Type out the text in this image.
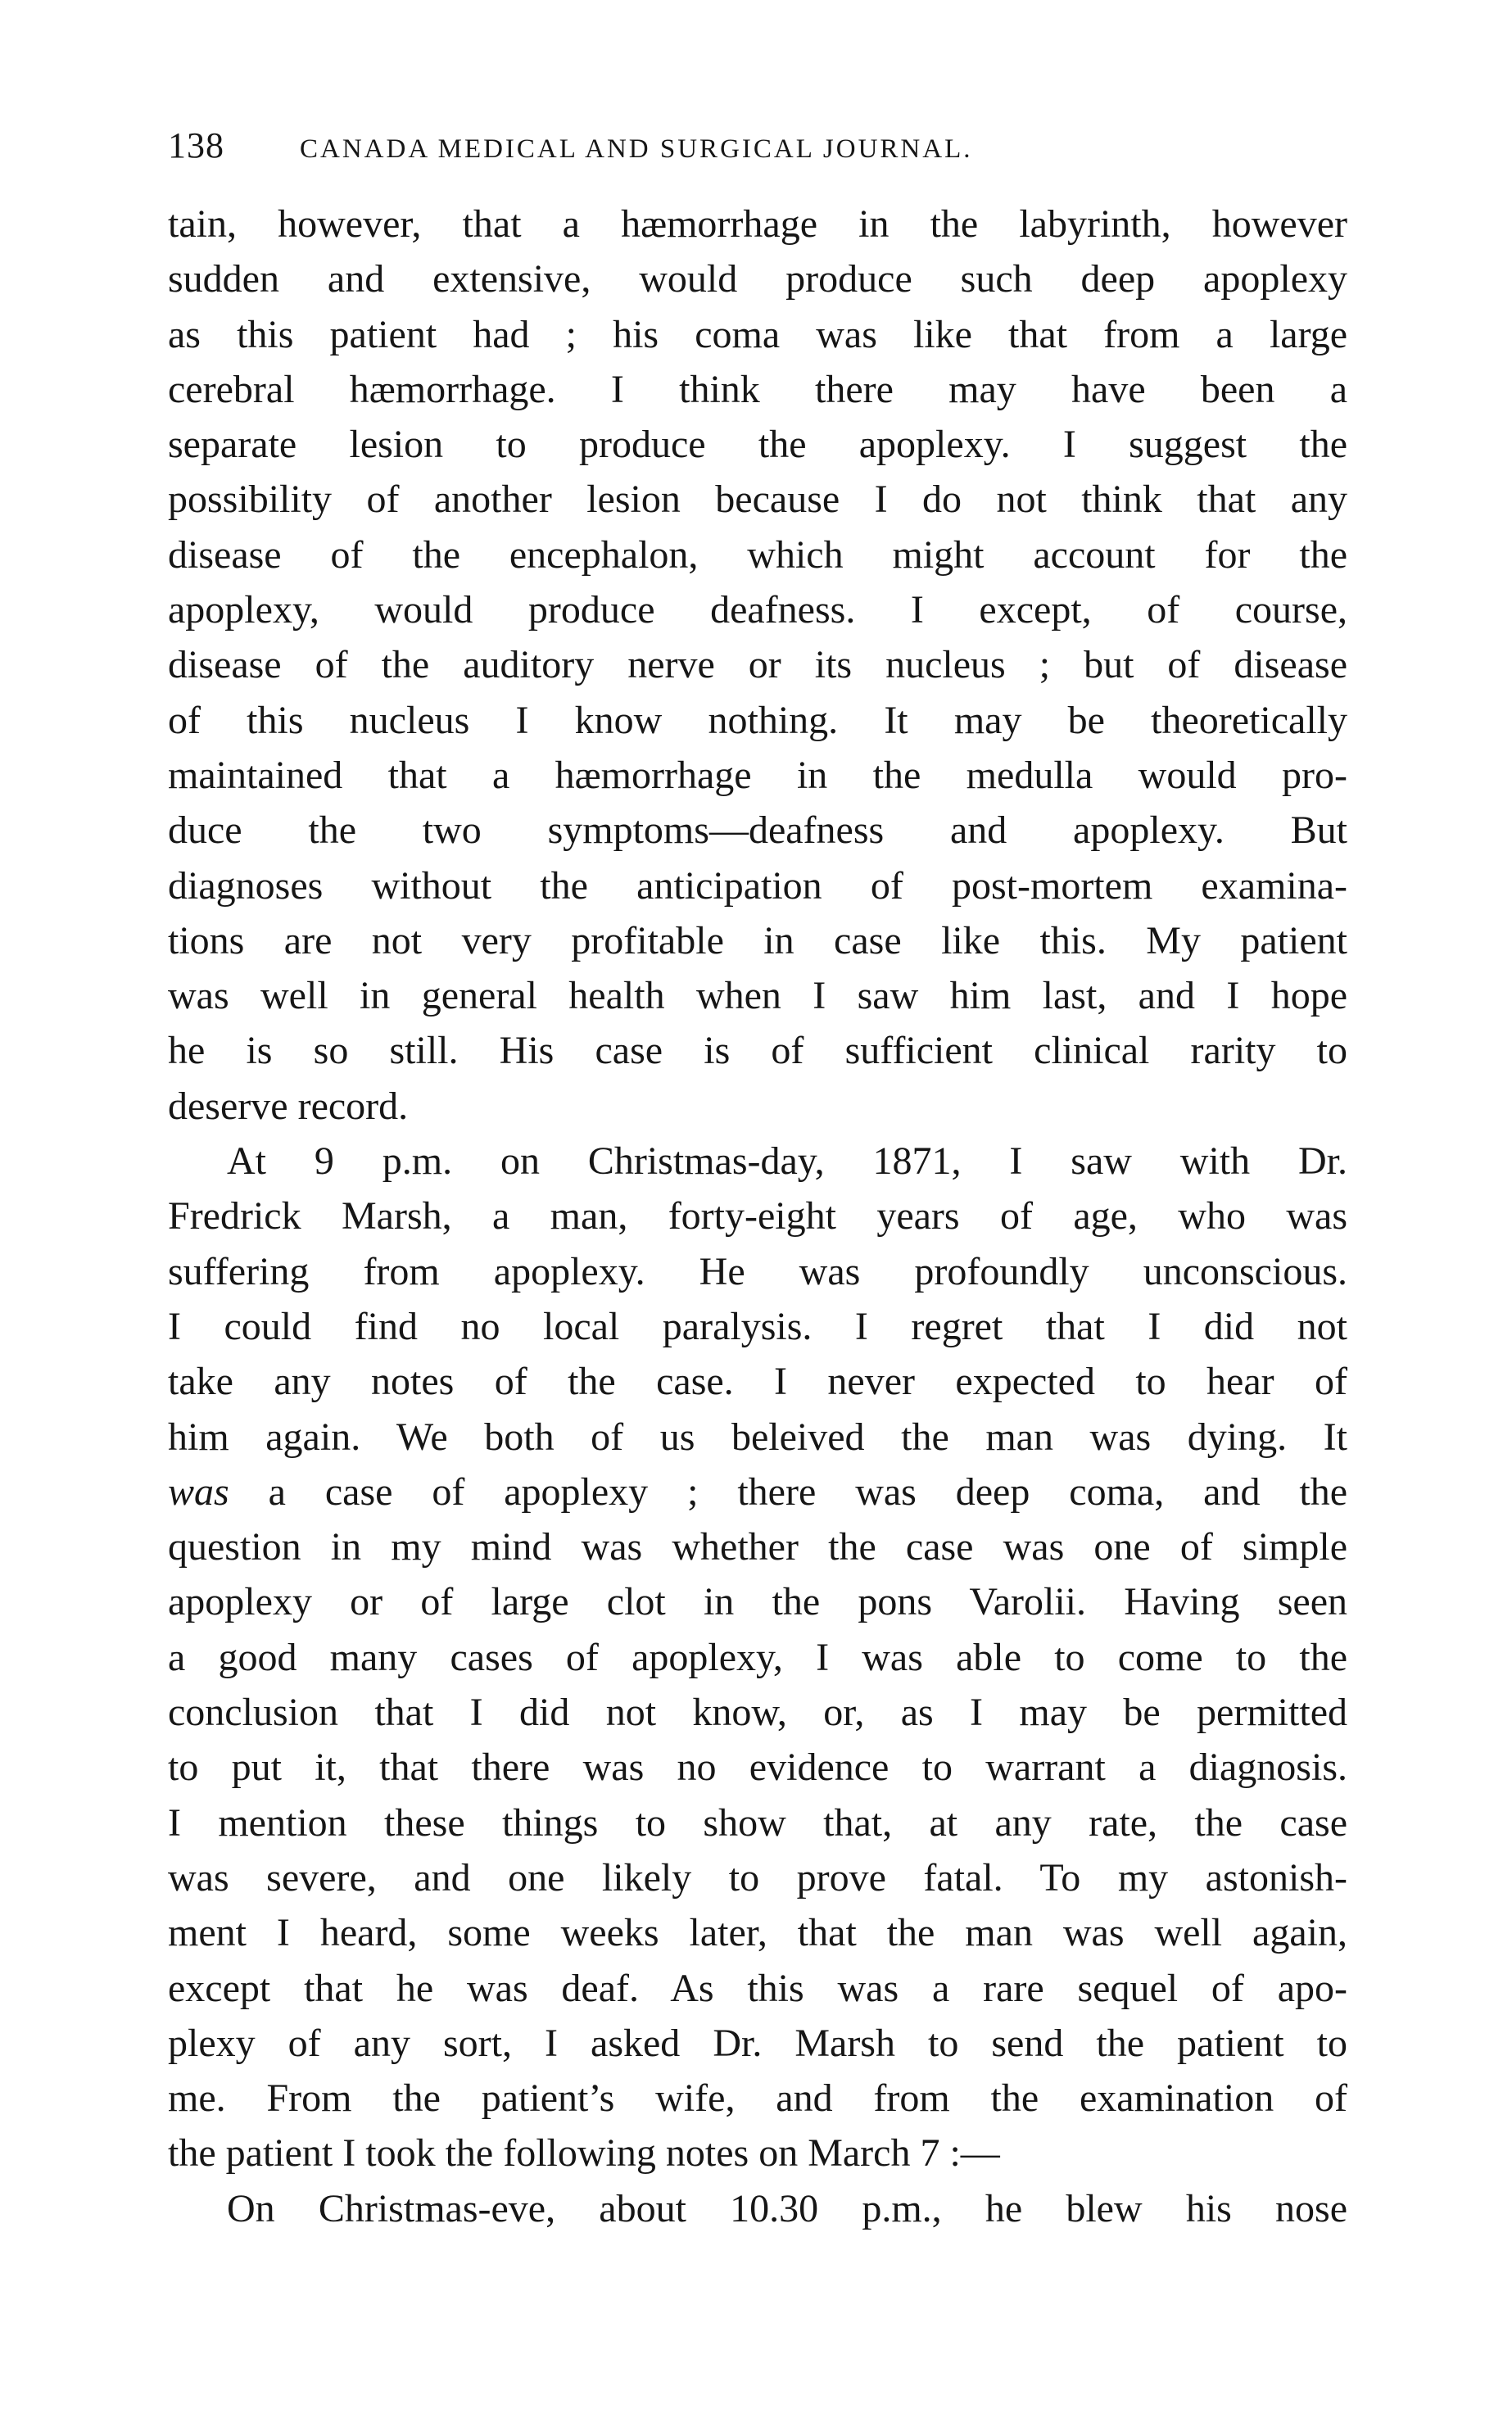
138	CANADA MEDICAL AND SURGICAL JOURNAL.
tain, however, that a hæmorrhage in the labyrinth, however
sudden and extensive, would produce such deep apoplexy
as this patient had ; his coma was like that from a large
cerebral hæmorrhage. I think there may have been a
separate lesion to produce the apoplexy. I suggest the
possibility of another lesion because I do not think that any
disease of the encephalon, which might account for the
apoplexy, would produce deafness. I except, of course,
disease of the auditory nerve or its nucleus ; but of disease
of this nucleus I know nothing. It may be theoretically
maintained that a hæmorrhage in the medulla would pro-
duce the two symptoms—deafness and apoplexy. But
diagnoses without the anticipation of post-mortem examina-
tions are not very profitable in case like this. My patient
was well in general health when I saw him last, and I hope
he is so still. His case is of sufficient clinical rarity to
deserve record.
At 9 p.m. on Christmas-day, 1871, I saw with Dr.
Fredrick Marsh, a man, forty-eight years of age, who was
suffering from apoplexy. He was profoundly unconscious.
I could find no local paralysis. I regret that I did not
take any notes of the case. I never expected to hear of
him again. We both of us beleived the man was dying. It
was a case of apoplexy ; there was deep coma, and the
question in my mind was whether the case was one of simple
apoplexy or of large clot in the pons Varolii. Having seen
a good many cases of apoplexy, I was able to come to the
conclusion that I did not know, or, as I may be permitted
to put it, that there was no evidence to warrant a diagnosis.
I mention these things to show that, at any rate, the case
was severe, and one likely to prove fatal. To my astonish-
ment I heard, some weeks later, that the man was well again,
except that he was deaf. As this was a rare sequel of apo-
plexy of any sort, I asked Dr. Marsh to send the patient to
me. From the patient’s wife, and from the examination of
the patient I took the following notes on March 7 :—
On Christmas-eve, about 10.30 p.m., he blew his nose
